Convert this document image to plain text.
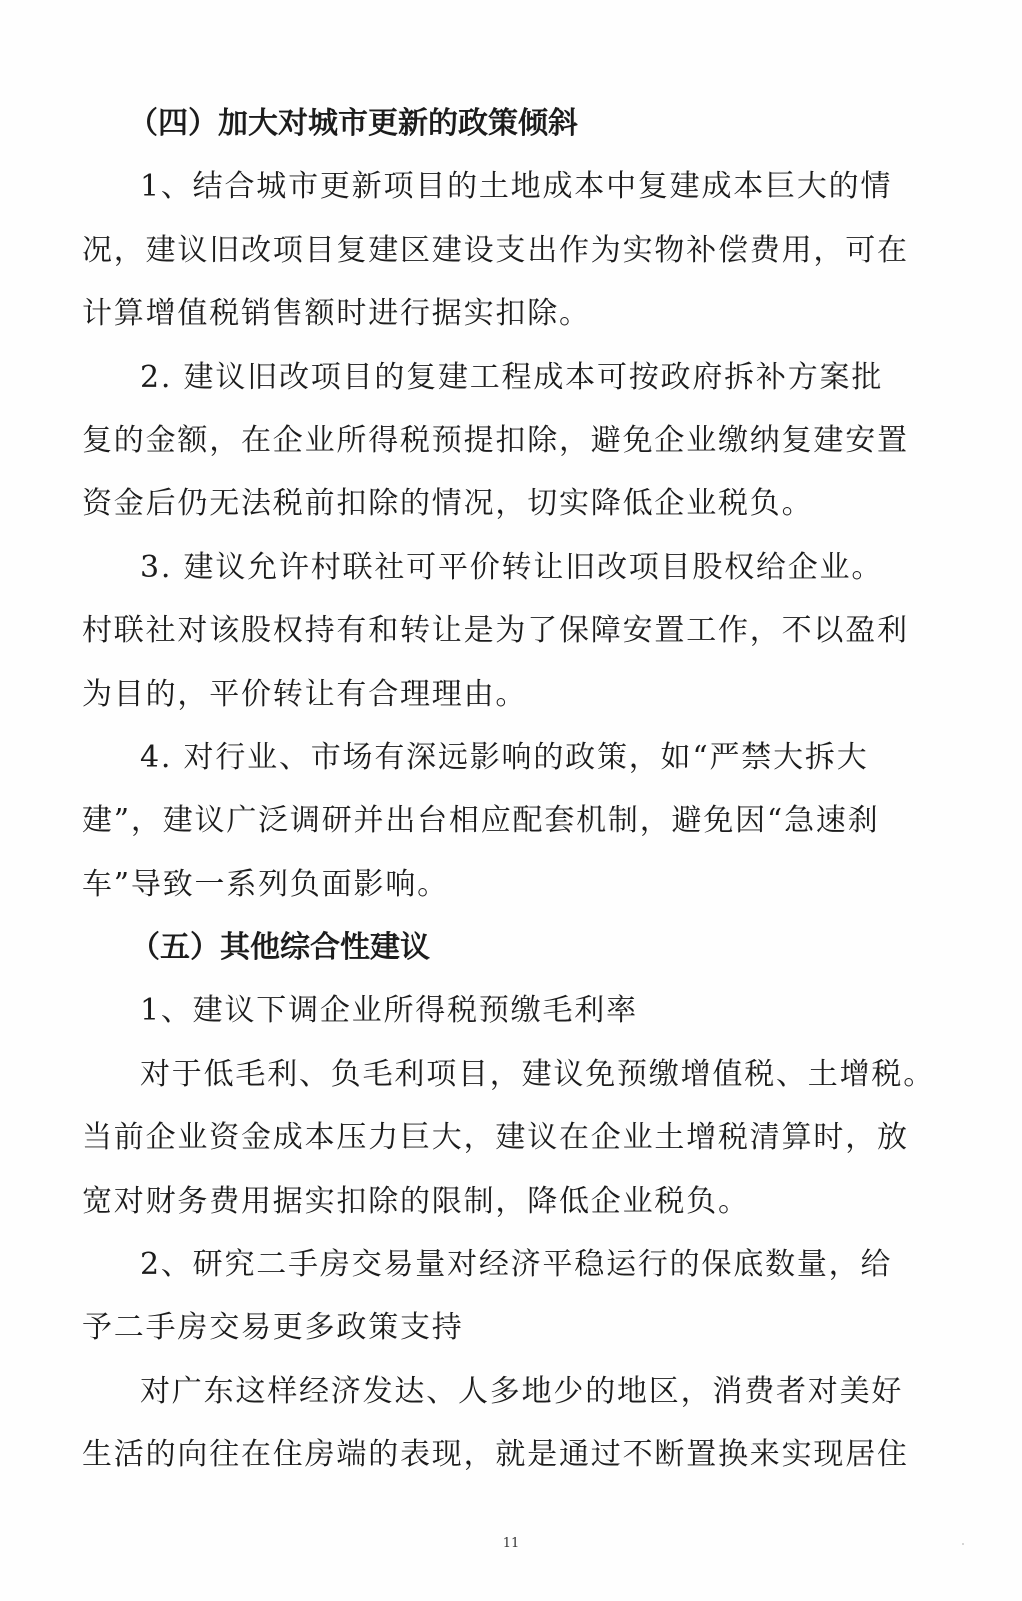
（四）加大对城市更新的政策倾斜
1、结合城市更新项目的土地成本中复建成本巨大的情
况，建议旧改项目复建区建设支出作为实物补偿费用，可在
计算增值税销售额时进行据实扣除。
2. 建议旧改项目的复建工程成本可按政府拆补方案批
复的金额，在企业所得税预提扣除，避免企业缴纳复建安置
资金后仍无法税前扣除的情况，切实降低企业税负。
3. 建议允许村联社可平价转让旧改项目股权给企业。
村联社对该股权持有和转让是为了保障安置工作，不以盈利
为目的，平价转让有合理理由。
4. 对行业、市场有深远影响的政策，如“严禁大拆大
建”，建议广泛调研并出台相应配套机制，避免因“急速刹
车”导致一系列负面影响。
（五）其他综合性建议
1、建议下调企业所得税预缴毛利率
对于低毛利、负毛利项目，建议免预缴增值税、土增税。
当前企业资金成本压力巨大，建议在企业土增税清算时，放
宽对财务费用据实扣除的限制，降低企业税负。
2、研究二手房交易量对经济平稳运行的保底数量，给
予二手房交易更多政策支持
对广东这样经济发达、人多地少的地区，消费者对美好
生活的向往在住房端的表现，就是通过不断置换来实现居住
11
